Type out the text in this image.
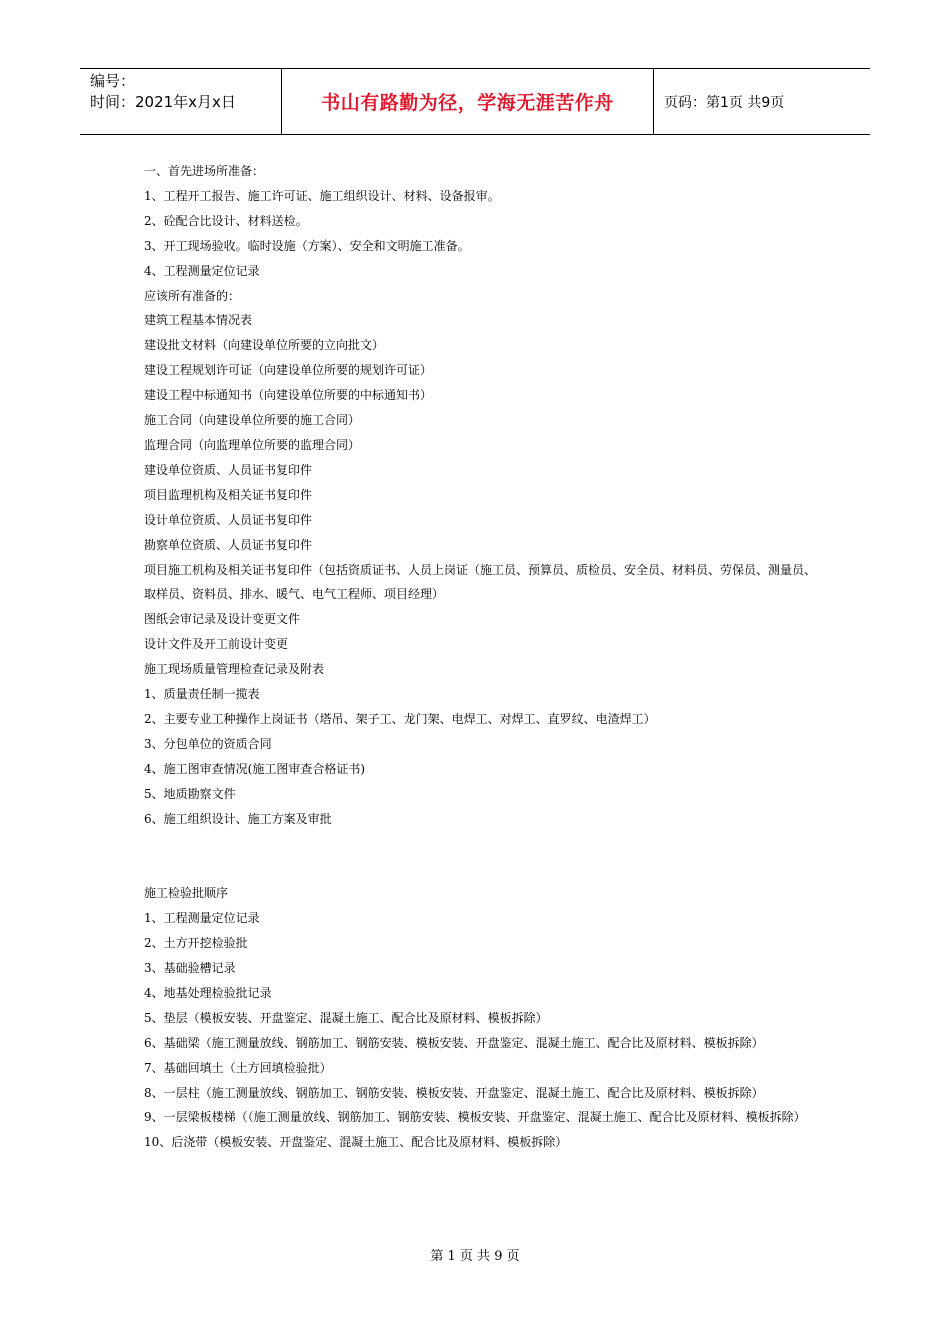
编号：
时间：2021年x月x日	书山有路勤为径，学海无涯苦作舟	页码：第1页 共9页
一、首先进场所准备：
1、工程开工报告、施工许可证、施工组织设计、材料、设备报审。
2、砼配合比设计、材料送检。
3、开工现场验收。临时设施（方案）、安全和文明施工准备。
4、工程测量定位记录
应该所有准备的：
建筑工程基本情况表
建设批文材料（向建设单位所要的立向批文）
建设工程规划许可证（向建设单位所要的规划许可证）
建设工程中标通知书（向建设单位所要的中标通知书）
施工合同（向建设单位所要的施工合同）
监理合同（向监理单位所要的监理合同）
建设单位资质、人员证书复印件
项目监理机构及相关证书复印件
设计单位资质、人员证书复印件
勘察单位资质、人员证书复印件
项目施工机构及相关证书复印件（包括资质证书、人员上岗证（施工员、预算员、质检员、安全员、材料员、劳保员、测量员、取样员、资料员、排水、暖气、电气工程师、项目经理）
图纸会审记录及设计变更文件
设计文件及开工前设计变更
施工现场质量管理检查记录及附表
1、质量责任制一揽表
2、主要专业工种操作上岗证书（塔吊、架子工、龙门架、电焊工、对焊工、直罗纹、电渣焊工）
3、分包单位的资质合同
4、施工图审查情况(施工图审查合格证书)
5、地质勘察文件
6、施工组织设计、施工方案及审批
施工检验批顺序
1、工程测量定位记录
2、土方开挖检验批
3、基础验槽记录
4、地基处理检验批记录
5、垫层（模板安装、开盘鉴定、混凝土施工、配合比及原材料、模板拆除）
6、基础梁（施工测量放线、钢筋加工、钢筋安装、模板安装、开盘鉴定、混凝土施工、配合比及原材料、模板拆除）
7、基础回填土（土方回填检验批）
8、一层柱（施工测量放线、钢筋加工、钢筋安装、模板安装、开盘鉴定、混凝土施工、配合比及原材料、模板拆除）
9、一层梁板楼梯（（施工测量放线、钢筋加工、钢筋安装、模板安装、开盘鉴定、混凝土施工、配合比及原材料、模板拆除）
10、后浇带（模板安装、开盘鉴定、混凝土施工、配合比及原材料、模板拆除）
第 1 页 共 9 页
